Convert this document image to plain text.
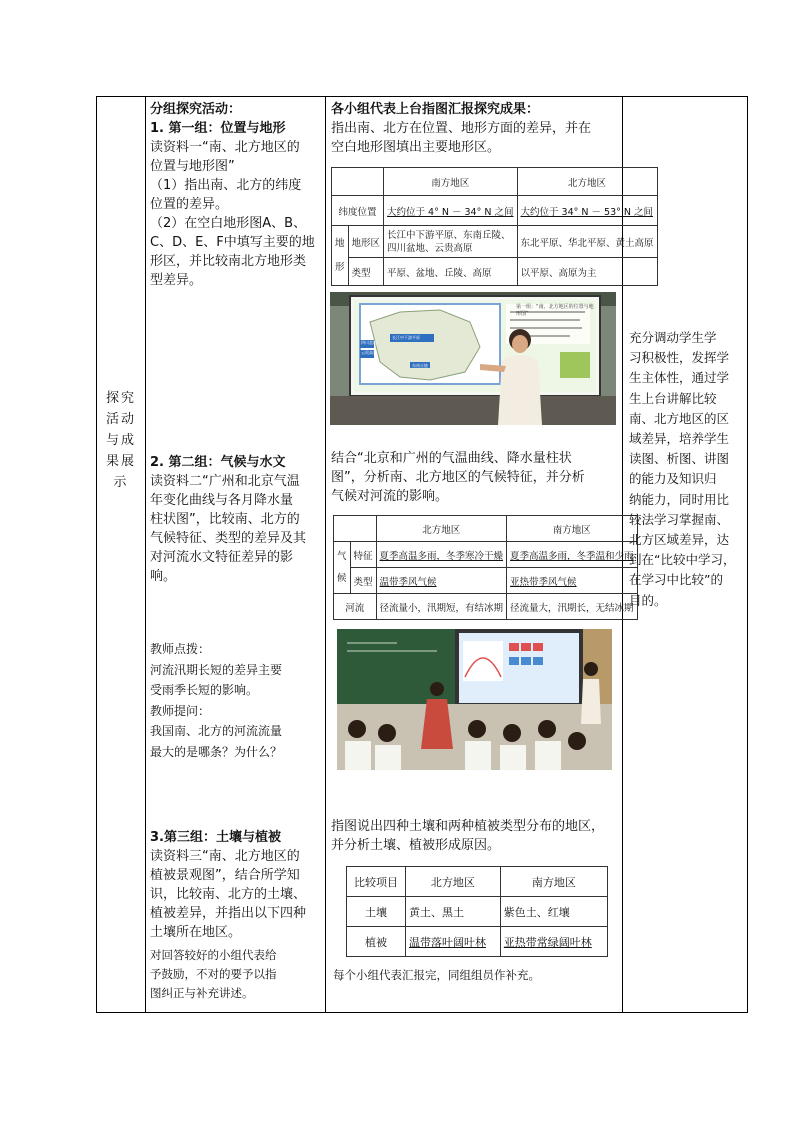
探究活动与成果展示
分组探究活动：
1. 第一组：位置与地形
读资料一“南、北方地区的
位置与地形图”
（1）指出南、北方的纬度
位置的差异。
（2）在空白地形图A、B、
C、D、E、F中填写主要的地
形区，并比较南北方地形类
型差异。
2. 第二组：气候与水文
读资料二“广州和北京气温
年变化曲线与各月降水量
柱状图”，比较南、北方的
气候特征、类型的差异及其
对河流水文特征差异的影
响。
教师点拨：
河流汛期长短的差异主要
受雨季长短的影响。
教师提问：
我国南、北方的河流流量
最大的是哪条？为什么？
3.第三组：土壤与植被
读资料三“南、北方地区的
植被景观图”，结合所学知
识，比较南、北方的土壤、
植被差异，并指出以下四种
土壤所在地区。
对回答较好的小组代表给
予鼓励，不对的要予以指
图纠正与补充讲述。
各小组代表上台指图汇报探究成果：
指出南、北方在位置、地形方面的差异，并在
空白地形图填出主要地形区。
		南方地区	北方地区
纬度位置		大约位于 4° N － 34° N 之间	大约位于 34° N － 53° N 之间
地形	地形区	长江中下游平原、东南丘陵、
四川盆地、云贵高原	东北平原、华北平原、黄土高原
	类型	平原、盆地、丘陵、高原	以平原、高原为主
第一组：“南、北方地区的位置与地形图”
四川盆地
云贵高原
长江中下游平原
东南丘陵
结合“北京和广州的气温曲线、降水量柱状
图”，分析南、北方地区的气候特征，并分析
气候对河流的影响。
		北方地区	南方地区
气候	特征	夏季高温多雨，冬季寒冷干燥	夏季高温多雨，冬季温和少雨
	类型	温带季风气候	亚热带季风气候
河流		径流量小，汛期短，有结冰期	径流量大，汛期长，无结冰期
指图说出四种土壤和两种植被类型分布的地区，
并分析土壤、植被形成原因。
比较项目	北方地区	南方地区
土壤	黄土、黑土	紫色土、红壤
植被	温带落叶阔叶林	亚热带常绿阔叶林
每个小组代表汇报完，同组组员作补充。
充分调动学生学
习积极性，发挥学
生主体性，通过学
生上台讲解比较
南、北方地区的区
域差异，培养学生
读图、析图、讲图
的能力及知识归
纳能力，同时用比
较法学习掌握南、
北方区域差异，达
到在“比较中学习，
在学习中比较”的
目的。
